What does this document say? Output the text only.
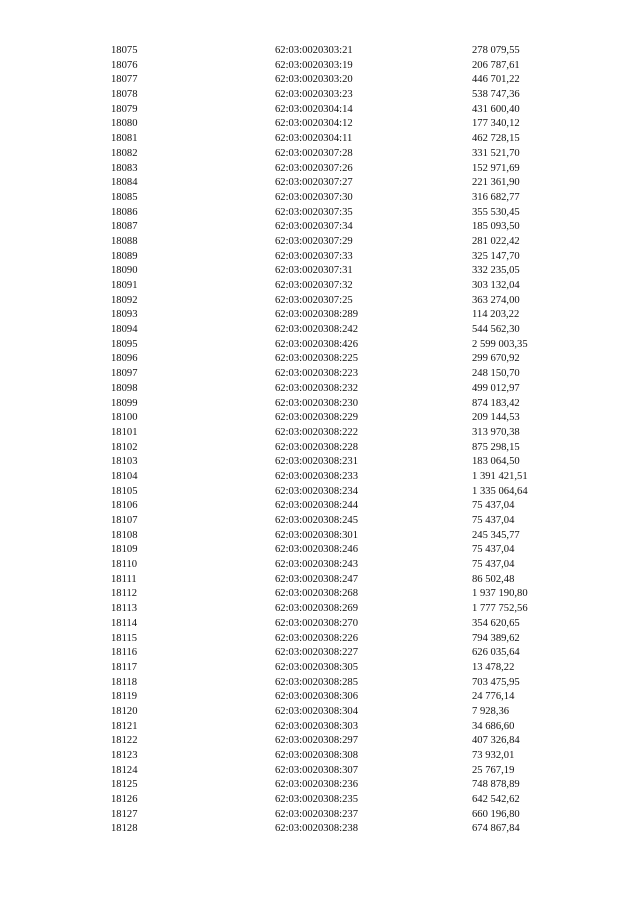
18075	62:03:0020303:21	278 079,55
18076	62:03:0020303:19	206 787,61
18077	62:03:0020303:20	446 701,22
18078	62:03:0020303:23	538 747,36
18079	62:03:0020304:14	431 600,40
18080	62:03:0020304:12	177 340,12
18081	62:03:0020304:11	462 728,15
18082	62:03:0020307:28	331 521,70
18083	62:03:0020307:26	152 971,69
18084	62:03:0020307:27	221 361,90
18085	62:03:0020307:30	316 682,77
18086	62:03:0020307:35	355 530,45
18087	62:03:0020307:34	185 093,50
18088	62:03:0020307:29	281 022,42
18089	62:03:0020307:33	325 147,70
18090	62:03:0020307:31	332 235,05
18091	62:03:0020307:32	303 132,04
18092	62:03:0020307:25	363 274,00
18093	62:03:0020308:289	114 203,22
18094	62:03:0020308:242	544 562,30
18095	62:03:0020308:426	2 599 003,35
18096	62:03:0020308:225	299 670,92
18097	62:03:0020308:223	248 150,70
18098	62:03:0020308:232	499 012,97
18099	62:03:0020308:230	874 183,42
18100	62:03:0020308:229	209 144,53
18101	62:03:0020308:222	313 970,38
18102	62:03:0020308:228	875 298,15
18103	62:03:0020308:231	183 064,50
18104	62:03:0020308:233	1 391 421,51
18105	62:03:0020308:234	1 335 064,64
18106	62:03:0020308:244	75 437,04
18107	62:03:0020308:245	75 437,04
18108	62:03:0020308:301	245 345,77
18109	62:03:0020308:246	75 437,04
18110	62:03:0020308:243	75 437,04
18111	62:03:0020308:247	86 502,48
18112	62:03:0020308:268	1 937 190,80
18113	62:03:0020308:269	1 777 752,56
18114	62:03:0020308:270	354 620,65
18115	62:03:0020308:226	794 389,62
18116	62:03:0020308:227	626 035,64
18117	62:03:0020308:305	13 478,22
18118	62:03:0020308:285	703 475,95
18119	62:03:0020308:306	24 776,14
18120	62:03:0020308:304	7 928,36
18121	62:03:0020308:303	34 686,60
18122	62:03:0020308:297	407 326,84
18123	62:03:0020308:308	73 932,01
18124	62:03:0020308:307	25 767,19
18125	62:03:0020308:236	748 878,89
18126	62:03:0020308:235	642 542,62
18127	62:03:0020308:237	660 196,80
18128	62:03:0020308:238	674 867,84
